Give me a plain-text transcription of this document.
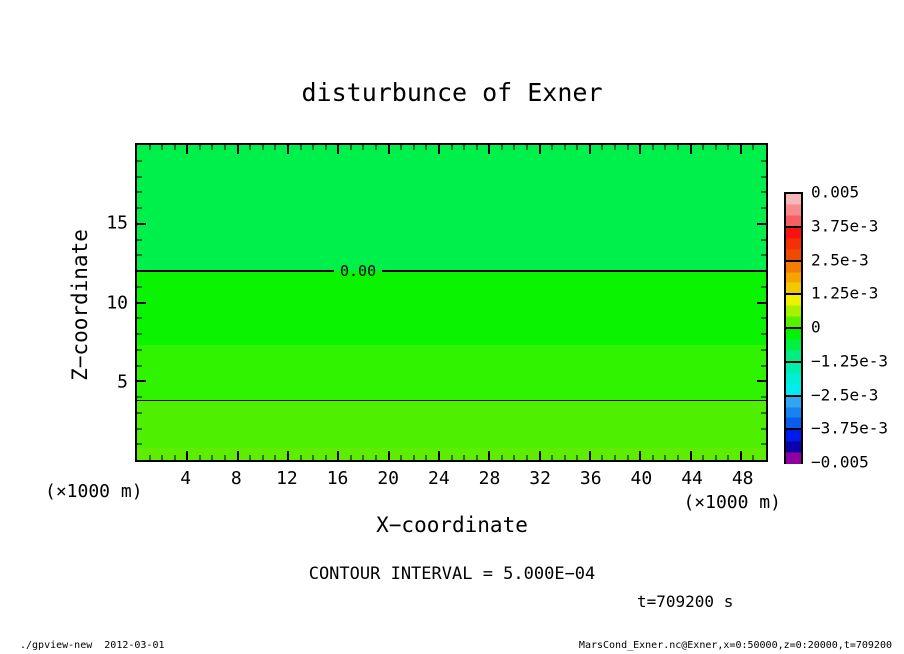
disturbunce of Exner
0.00
4 8 12 16 20 24 28 32 36 40 44 48
5
10
15
(×1000 m)
(×1000 m)
X−coordinate
Z−coordinate
CONTOUR INTERVAL = 5.000E−04
t=709200 s
0.005
3.75e-3
2.5e-3
1.25e-3
0
−1.25e-3
−2.5e-3
−3.75e-3
−0.005
./gpview-new  2012-03-01	MarsCond_Exner.nc@Exner,x=0:50000,z=0:20000,t=709200
